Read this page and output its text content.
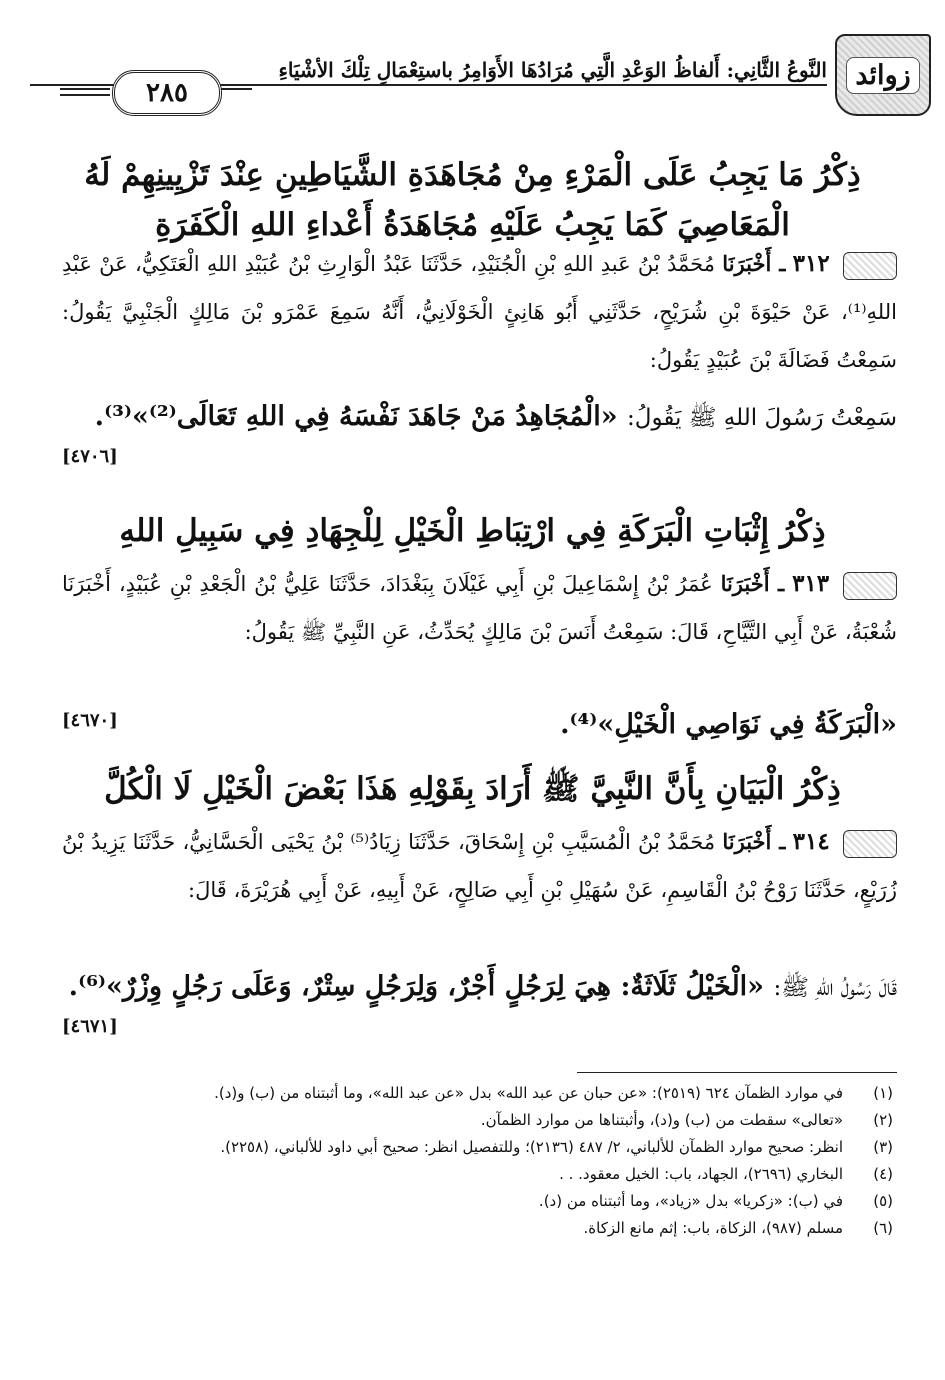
زوائد
النَّوعُ الثَّانِي: أَلفاظُ الوَعْدِ الَّتِي مُرَادُهَا الأَوَامِرُ باستِعْمَالِ تِلْكَ الأشْيَاءِ
٢٨٥
ذِكْرُ مَا يَجِبُ عَلَى الْمَرْءِ مِنْ مُجَاهَدَةِ الشَّيَاطِينِ عِنْدَ تَزْيِينِهِمْ لَهُ
الْمَعَاصِيَ كَمَا يَجِبُ عَلَيْهِ مُجَاهَدَةُ أَعْداءِ اللهِ الْكَفَرَةِ
٣١٢ ـ أَخْبَرَنَا مُحَمَّدُ بْنُ عَبدِ اللهِ بْنِ الْجُنَيْدِ، حَدَّثَنَا عَبْدُ الْوَارِثِ بْنُ عُبَيْدِ اللهِ الْعَتَكِيُّ، عَنْ عَبْدِ اللهِ⁽¹⁾، عَنْ حَيْوَةَ بْنِ شُرَيْحٍ، حَدَّثَنِي أَبُو هَانِئٍ الْخَوْلَانِيُّ، أَنَّهُ سَمِعَ عَمْرَو بْنَ مَالِكٍ الْجَنْبِيَّ يَقُولُ: سَمِعْتُ فَضَالَةَ بْنَ عُبَيْدٍ يَقُولُ:
سَمِعْتُ رَسُولَ اللهِ ﷺ يَقُولُ: «الْمُجَاهِدُ مَنْ جَاهَدَ نَفْسَهُ فِي اللهِ تَعَالَى⁽²⁾»⁽³⁾.
[٤٧٠٦]
ذِكْرُ إِثْبَاتِ الْبَرَكَةِ فِي ارْتِبَاطِ الْخَيْلِ لِلْجِهَادِ فِي سَبِيلِ اللهِ
٣١٣ ـ أَخْبَرَنَا عُمَرُ بْنُ إِسْمَاعِيلَ بْنِ أَبِي غَيْلَانَ بِبَغْدَادَ، حَدَّثَنَا عَلِيُّ بْنُ الْجَعْدِ بْنِ عُبَيْدٍ، أَخْبَرَنَا شُعْبَةُ، عَنْ أَبِي التَّيَّاحِ، قَالَ: سَمِعْتُ أَنَسَ بْنَ مَالِكٍ يُحَدِّثُ، عَنِ النَّبِيِّ ﷺ يَقُولُ:
«الْبَرَكَةُ فِي نَوَاصِي الْخَيْلِ»⁽⁴⁾.
[٤٦٧٠]
ذِكْرُ الْبَيَانِ بِأَنَّ النَّبِيَّ ﷺ أَرَادَ بِقَوْلِهِ هَذَا بَعْضَ الْخَيْلِ لَا الْكُلَّ
٣١٤ ـ أَخْبَرَنَا مُحَمَّدُ بْنُ الْمُسَيَّبِ بْنِ إِسْحَاقَ، حَدَّثَنَا زِيَادُ⁽⁵⁾ بْنُ يَحْيَى الْحَسَّانِيُّ، حَدَّثَنَا يَزِيدُ بْنُ زُرَيْعٍ، حَدَّثَنَا رَوْحُ بْنُ الْقَاسِمِ، عَنْ سُهَيْلِ بْنِ أَبِي صَالِحٍ، عَنْ أَبِيهِ، عَنْ أَبِي هُرَيْرَةَ، قَالَ:
قَالَ رَسُولُ اللهِ ﷺ: «الْخَيْلُ ثَلَاثَةٌ: هِيَ لِرَجُلٍ أَجْرٌ، وَلِرَجُلٍ سِتْرٌ، وَعَلَى رَجُلٍ وِزْرٌ»⁽⁶⁾.
[٤٦٧١]
(١)
في موارد الظمآن ٦٢٤ (٢٥١٩): «عن حبان عن عبد الله» بدل «عن عبد الله»، وما أثبتناه من (ب) و(د).
(٢)
«تعالى» سقطت من (ب) و(د)، وأثبتناها من موارد الظمآن.
(٣)
انظر: صحيح موارد الظمآن للألباني، ٢/ ٤٨٧ (٢١٣٦)؛ وللتفصيل انظر: صحيح أبي داود للألباني، (٢٢٥٨).
(٤)
البخاري (٢٦٩٦)، الجهاد، باب: الخيل معقود. . .
(٥)
في (ب): «زكريا» بدل «زياد»، وما أثبتناه من (د).
(٦)
مسلم (٩٨٧)، الزكاة، باب: إثم مانع الزكاة.
